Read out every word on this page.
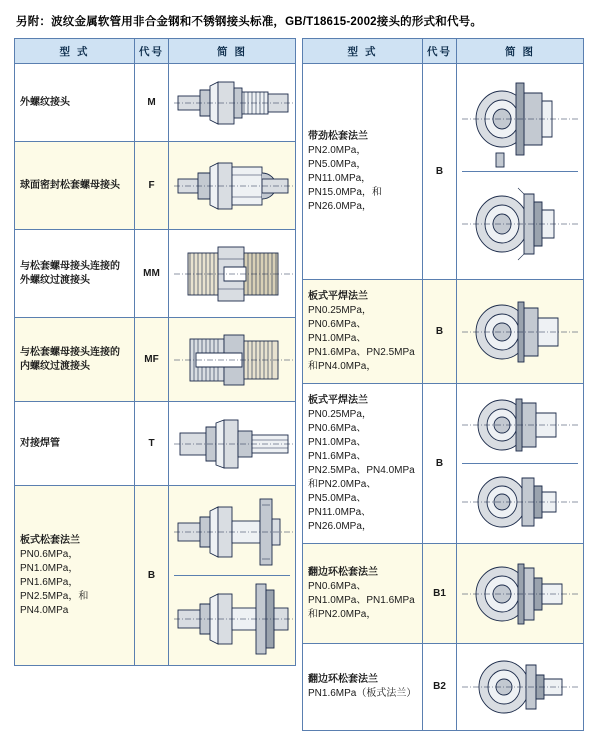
另附：波纹金属软管用非合金钢和不锈钢接头标准，GB/T18615-2002接头的形式和代号。
型 式	代号	简 图

外螺纹接头	M	

球面密封松套螺母接头	F	

与松套螺母接头连接的外螺纹过渡接头	MM	

与松套螺母接头连接的内螺纹过渡接头	MF	

对接焊管	T	

板式松套法兰
PN0.6MPa，PN1.0MPa，PN1.6MPa，PN2.5MPa，和PN4.0MPa	B	
型 式	代号	简 图

带劲松套法兰
PN2.0MPa，PN5.0MPa，PN11.0MPa，PN15.0MPa，和PN26.0MPa，	B	

板式平焊法兰
PN0.25MPa，PN0.6MPa、PN1.0MPa、PN1.6MPa、PN2.5MPa和PN4.0MPa，	B	

板式平焊法兰
PN0.25MPa，PN0.6MPa、PN1.0MPa、PN1.6MPa、PN2.5MPa、PN4.0MPa 和PN2.0MPa、PN5.0MPa、PN11.0MPa、PN26.0MPa，	B	

翻边环松套法兰
PN0.6MPa、PN1.0MPa、PN1.6MPa和PN2.0MPa，	B1	

翻边环松套法兰
PN1.6MPa（板式法兰）	B2	
